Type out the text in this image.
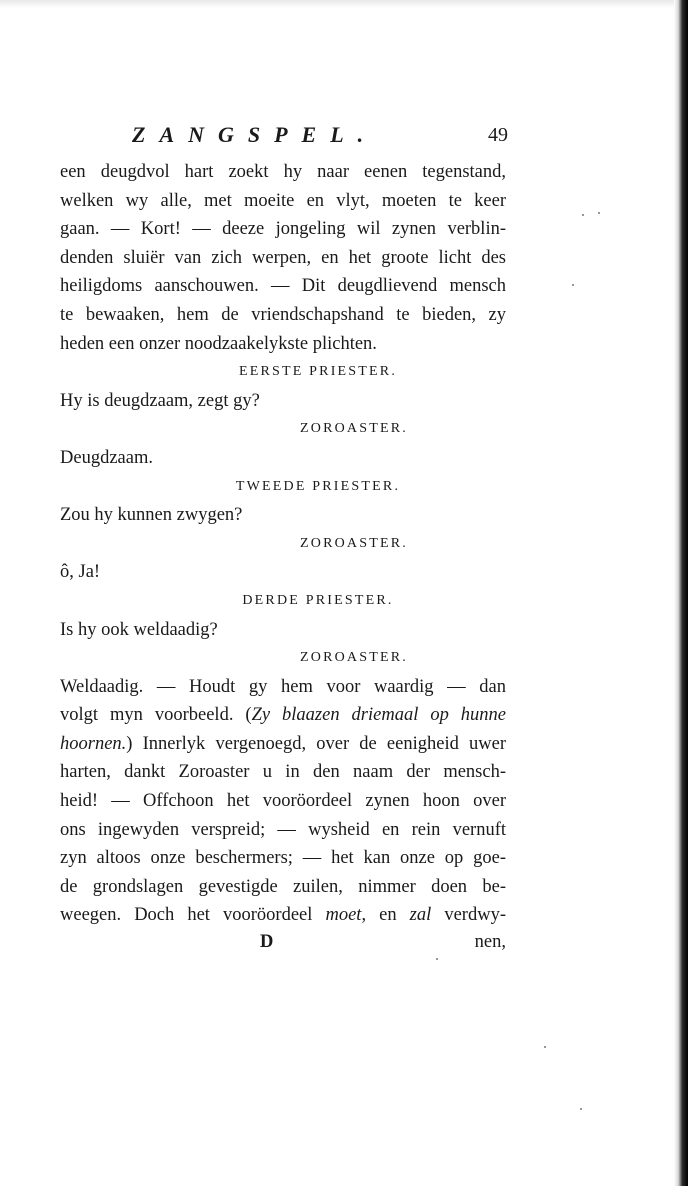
ZANGSPEL.	49
een deugdvol hart zoekt hy naar eenen tegenstand,
welken wy alle, met moeite en vlyt, moeten te keer
gaan. — Kort! — deeze jongeling wil zynen verblin-
denden sluiër van zich werpen, en het groote licht des
heiligdoms aanschouwen. — Dit deugdlievend mensch
te bewaaken, hem de vriendschapshand te bieden, zy
heden een onzer noodzaakelykste plichten.
EERSTE PRIESTER.
Hy is deugdzaam, zegt gy?
ZOROASTER.
Deugdzaam.
TWEEDE PRIESTER.
Zou hy kunnen zwygen?
ZOROASTER.
ô, Ja!
DERDE PRIESTER.
Is hy ook weldaadig?
ZOROASTER.
Weldaadig. — Houdt gy hem voor waardig — dan
volgt myn voorbeeld. (Zy blaazen driemaal op hunne
hoornen.) Innerlyk vergenoegd, over de eenigheid uwer
harten, dankt Zoroaster u in den naam der mensch-
heid! — Offchoon het vooröordeel zynen hoon over
ons ingewyden verspreid; — wysheid en rein vernuft
zyn altoos onze beschermers; — het kan onze op goe-
de grondslagen gevestigde zuilen, nimmer doen be-
weegen. Doch het vooröordeel moet, en zal verdwy-
D	nen,
